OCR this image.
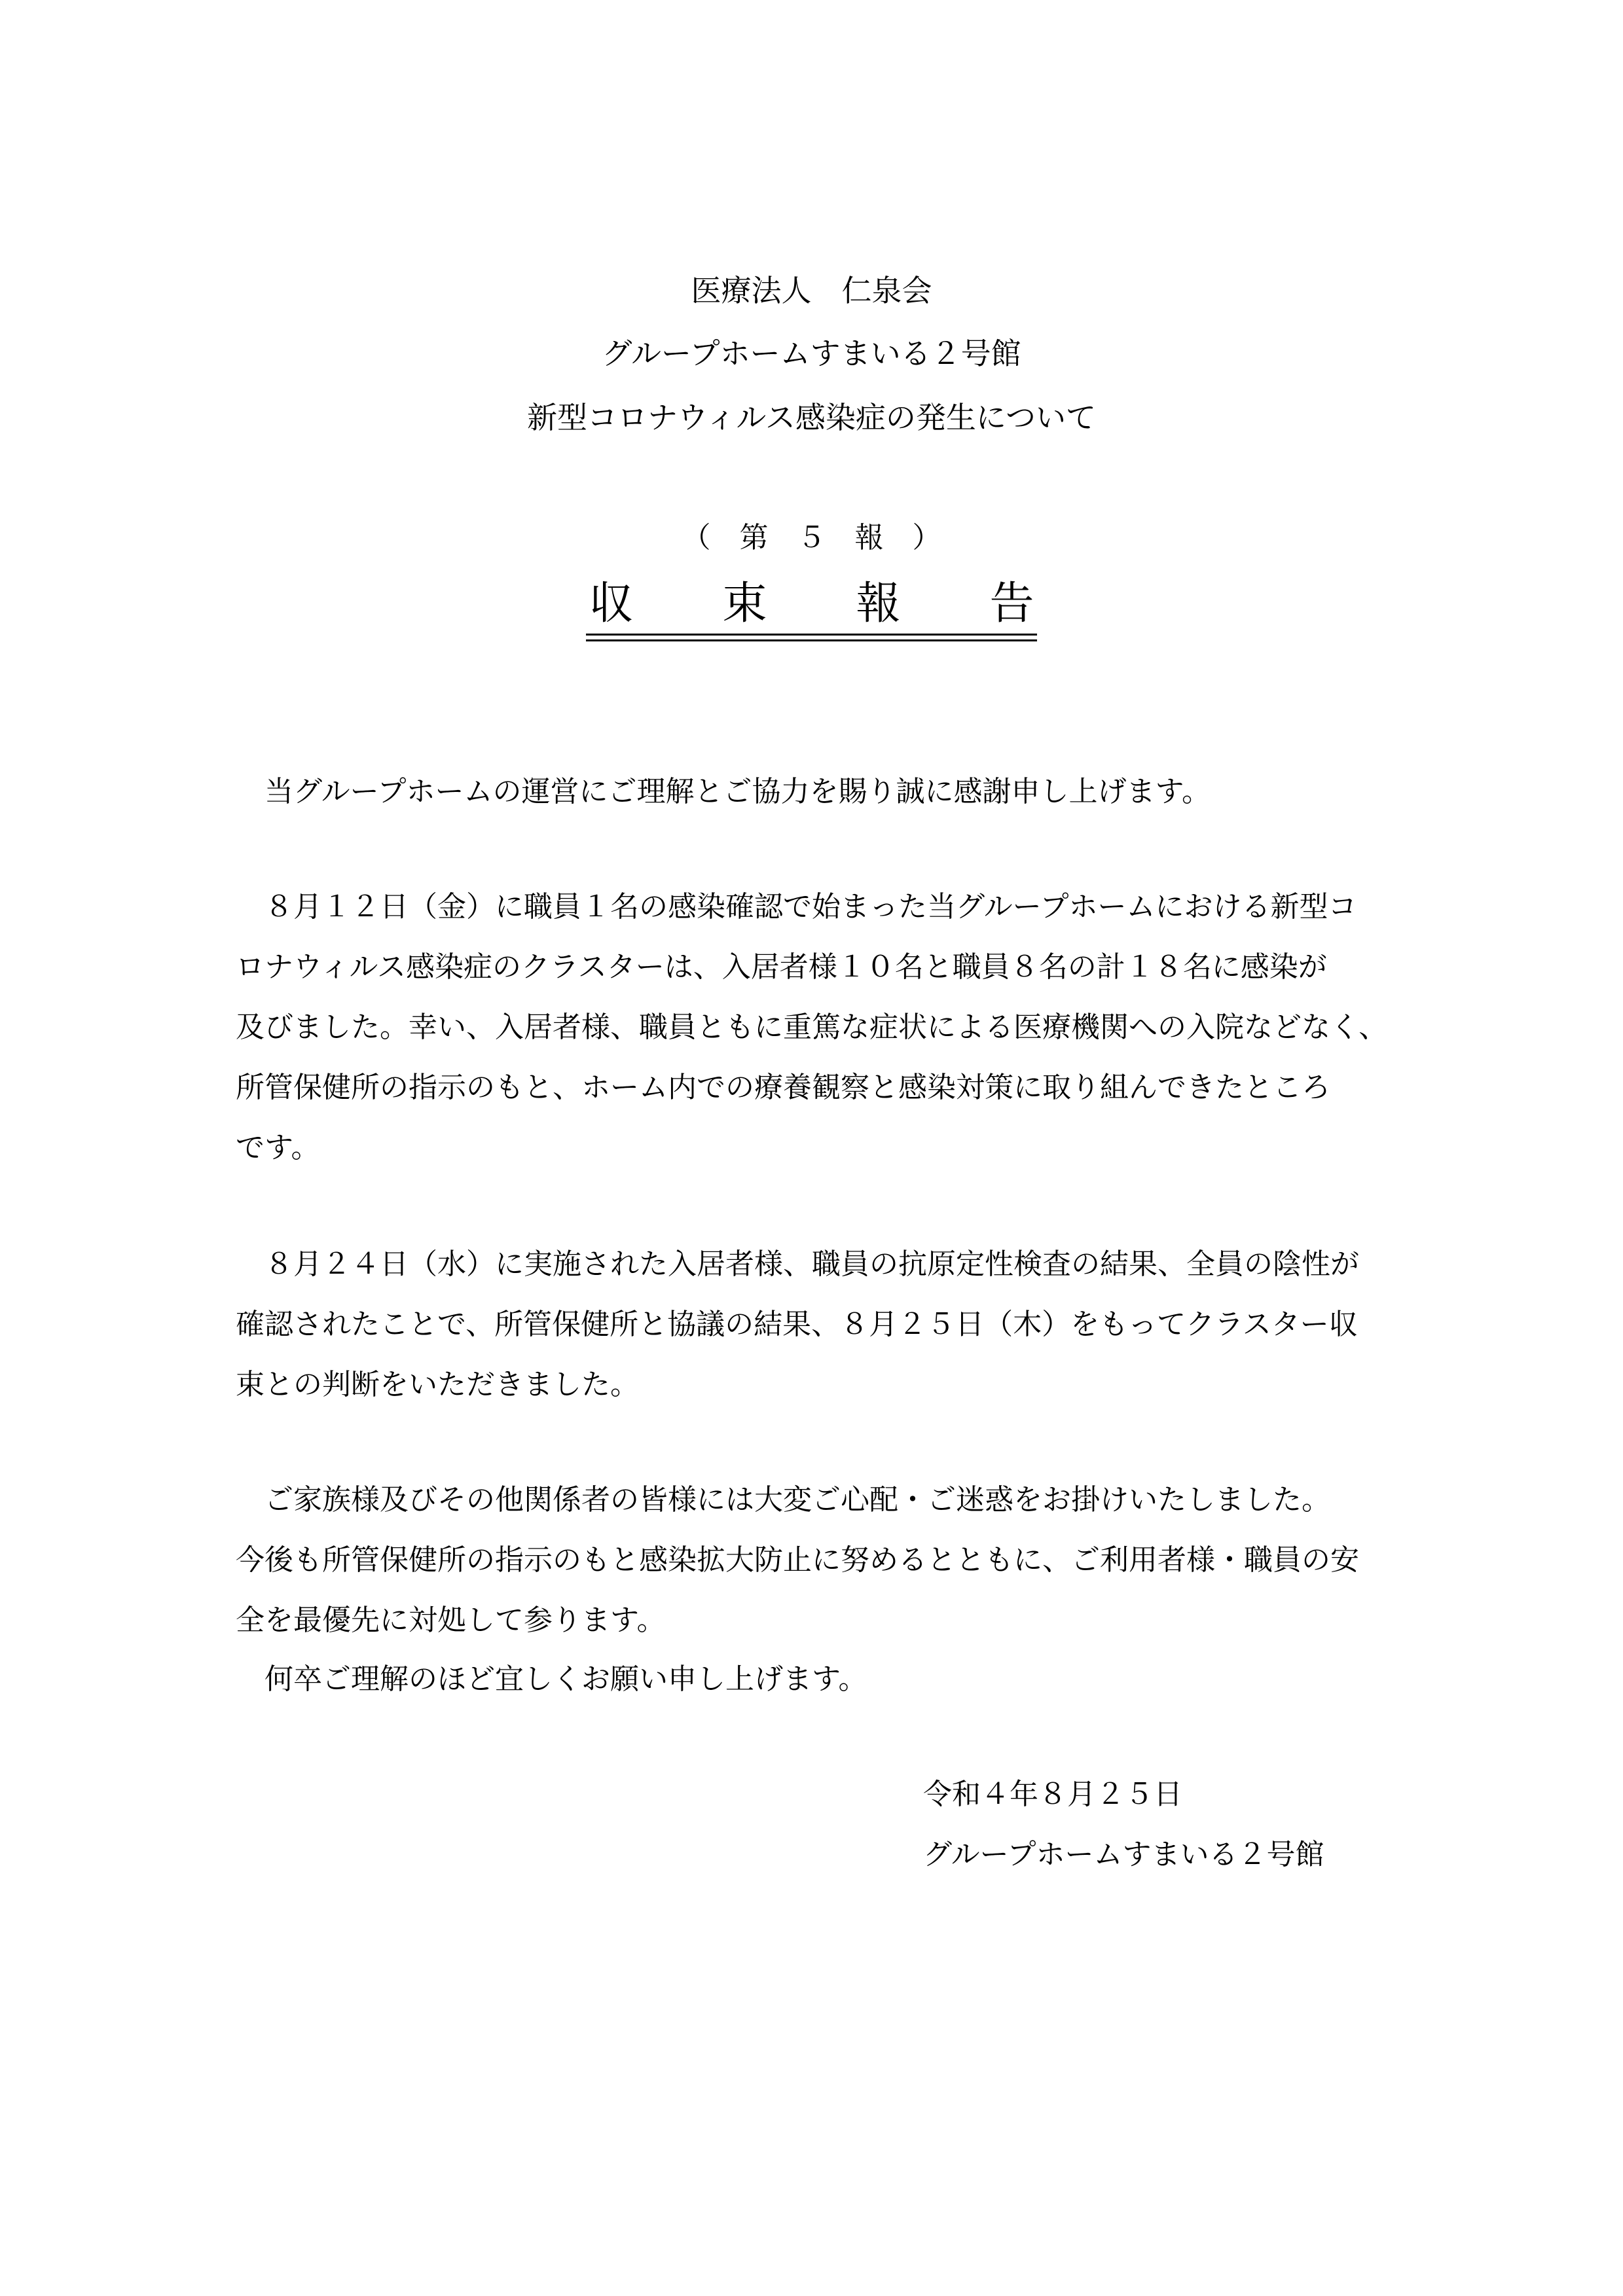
医療法人　仁泉会
グループホームすまいる２号館
新型コロナウィルス感染症の発生について
（　第　５　報　）
収　　束　　報　　告
　当グループホームの運営にご理解とご協力を賜り誠に感謝申し上げます。
　８月１２日（金）に職員１名の感染確認で始まった当グループホームにおける新型コ
ロナウィルス感染症のクラスターは、入居者様１０名と職員８名の計１８名に感染が
及びました。幸い、入居者様、職員ともに重篤な症状による医療機関への入院などなく、
所管保健所の指示のもと、ホーム内での療養観察と感染対策に取り組んできたところ
です。
　８月２４日（水）に実施された入居者様、職員の抗原定性検査の結果、全員の陰性が
確認されたことで、所管保健所と協議の結果、８月２５日（木）をもってクラスター収
束との判断をいただきました。
　ご家族様及びその他関係者の皆様には大変ご心配・ご迷惑をお掛けいたしました。
今後も所管保健所の指示のもと感染拡大防止に努めるとともに、ご利用者様・職員の安
全を最優先に対処して参ります。
　何卒ご理解のほど宜しくお願い申し上げます。
令和４年８月２５日
グループホームすまいる２号館
